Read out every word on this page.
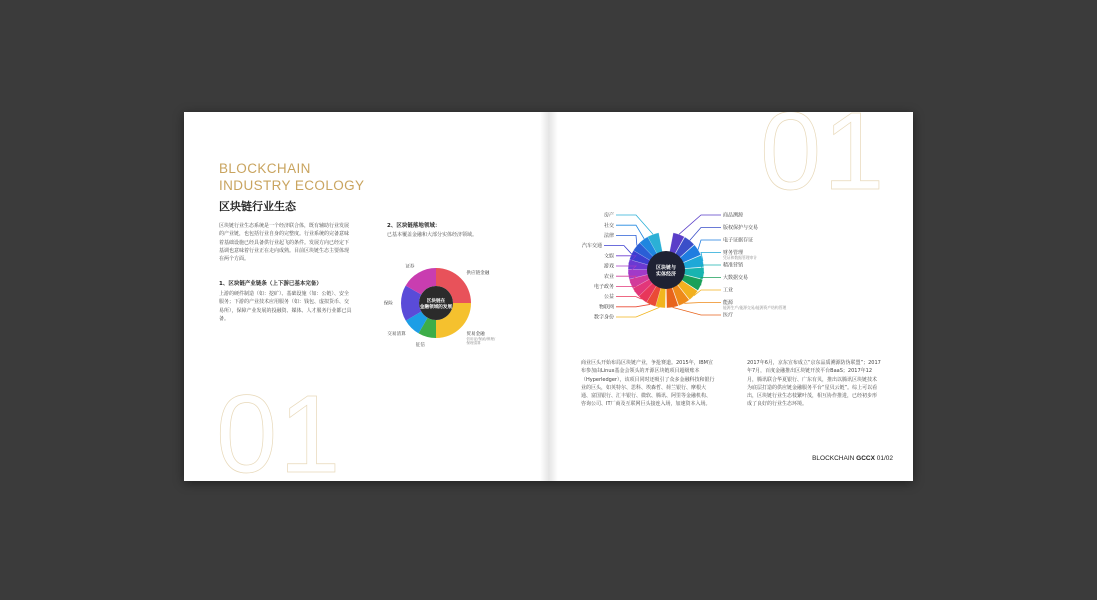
01
BLOCKCHAIN
INDUSTRY ECOLOGY
区块链行业生态
区块链行业生态系统是一个经济联合体，既有辅助行业发展的产业链，也包括行业自身的完整度。行业系统的完备意味着基础设施已经具备供行业起飞的条件。发展方向已经定下基调也意味着行业正在走向成熟。目前区块链生态主要体现在两个方面。

1、区块链产业链条（上下游已基本完备）

上游的硬件制造（如：挖矿）、基础设施（如：公链）、安全服务；下游的产业技术应用服务（如：钱包、虚拟货币、交易所），保障产业发展的投融资、媒体、人才服务行业都已具备。

2、区块链落地领域：

已基本覆盖金融和大部分实体经济领域。
供应链金融
贸易金融
信用证/保函/保理/
保理清算
征信
交易清算
保险
证券
区块链在
金融领域的发展
01
商品溯源
版权保护与交易
电子证据存证
财务管理
凭证和数据管理审计
精准营销
大数据交易
工业
能源
能源生产/能源交易/能源资产结构管理
医疗
房产
社交
法律
汽车交通
文娱
游戏
农业
电子政务
公益
物联网
数字身份
区块链与
实体经济
商业巨头开始布局区块链产业，争抢赛道。2015年，IBM宣布参加由Linux基金会领头的开源区块链项目超级账本（Hyperledger），该项目同时还吸引了众多金融科技和银行业的巨头，如英特尔、思科、埃森哲、荷兰银行、摩根大通、富国银行、汇丰银行、微软、腾讯、阿里等金融机构、咨询公司、IT厂商及互联网巨头接连入场，加速资本入场。
2017年6月，京东宣布成立“京东品质溯源防伪联盟”；2017年7月，百度金融推出区块链开放平台BaaS；2017年12月，腾讯联合华夏银行、广东有贝，推出以腾讯区块链技术为底层打造的供应链金融服务平台“星贝云链”。综上可以看出，区块链行业生态枝繁叶茂，相互协作推进，已经初步形成了良好的行业生态环境。
BLOCKCHAIN GCCX 01/02
